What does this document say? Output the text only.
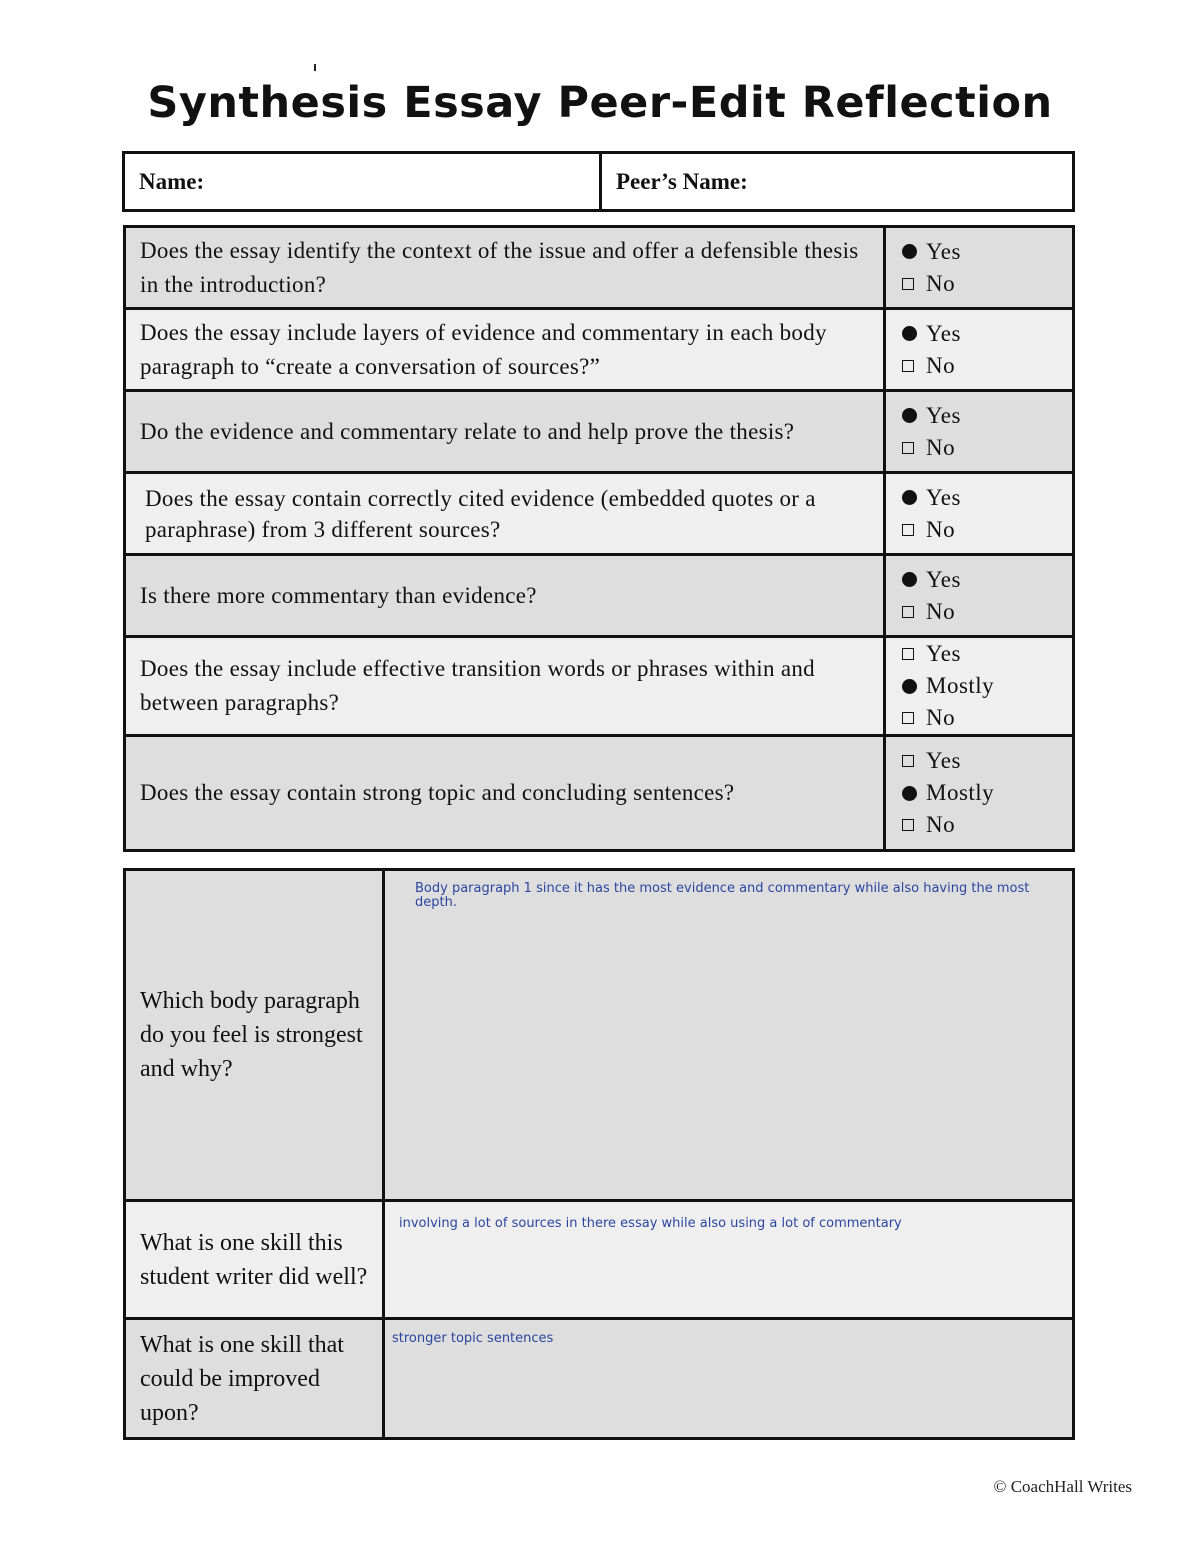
Synthesis Essay Peer-Edit Reflection
Name:	Peer’s Name:
Does the essay identify the context of the issue and offer a defensible thesis in the introduction?	Yes
No

Does the essay include layers of evidence and commentary in each body paragraph to “create a conversation of sources?”	Yes
No

Do the evidence and commentary relate to and help prove the thesis?	Yes
No

Does the essay contain correctly cited evidence (embedded quotes or a paraphrase) from 3 different sources?	Yes
No

Is there more commentary than evidence?	Yes
No

Does the essay include effective transition words or phrases within and between paragraphs?	Yes
Mostly
No

Does the essay contain strong topic and concluding sentences?	Yes
Mostly
No
Which body paragraph do you feel is strongest and why?	Body paragraph 1 since it has the most evidence and commentary while also having the most depth.

What is one skill this student writer did well?	involving a lot of sources in there essay while also using a lot of commentary

What is one skill that could be improved upon?	stronger topic sentences
© CoachHall Writes
